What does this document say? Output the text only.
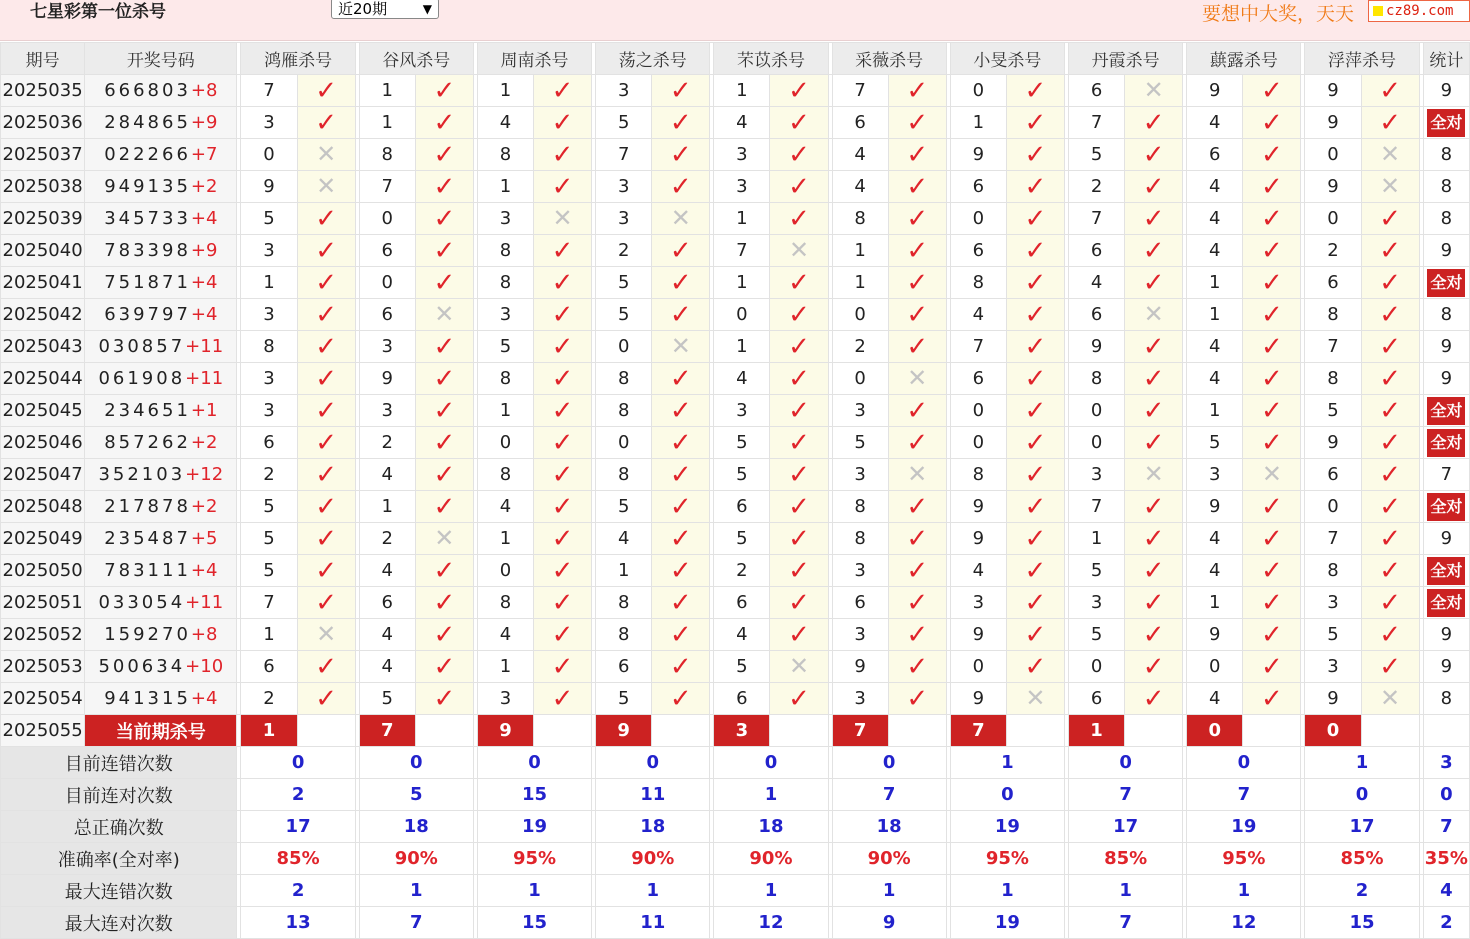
七星彩第一位杀号	近20期	▼	要想中大奖，天天	cz89.com
期号	开奖号码		鸿雁杀号			谷风杀号			周南杀号			荡之杀号			芣苡杀号			采薇杀号			小旻杀号			丹霞杀号			蕻露杀号			浮萍杀号			统计
2025035	666803+8		7	✓		1	✓		1	✓		3	✓		1	✓		7	✓		0	✓		6	✕		9	✓		9	✓		9
2025036	284865+9		3	✓		1	✓		4	✓		5	✓		4	✓		6	✓		1	✓		7	✓		4	✓		9	✓		全对
2025037	022266+7		0	✕		8	✓		8	✓		7	✓		3	✓		4	✓		9	✓		5	✓		6	✓		0	✕		8
2025038	949135+2		9	✕		7	✓		1	✓		3	✓		3	✓		4	✓		6	✓		2	✓		4	✓		9	✕		8
2025039	345733+4		5	✓		0	✓		3	✕		3	✕		1	✓		8	✓		0	✓		7	✓		4	✓		0	✓		8
2025040	783398+9		3	✓		6	✓		8	✓		2	✓		7	✕		1	✓		6	✓		6	✓		4	✓		2	✓		9
2025041	751871+4		1	✓		0	✓		8	✓		5	✓		1	✓		1	✓		8	✓		4	✓		1	✓		6	✓		全对
2025042	639797+4		3	✓		6	✕		3	✓		5	✓		0	✓		0	✓		4	✓		6	✕		1	✓		8	✓		8
2025043	030857+11		8	✓		3	✓		5	✓		0	✕		1	✓		2	✓		7	✓		9	✓		4	✓		7	✓		9
2025044	061908+11		3	✓		9	✓		8	✓		8	✓		4	✓		0	✕		6	✓		8	✓		4	✓		8	✓		9
2025045	234651+1		3	✓		3	✓		1	✓		8	✓		3	✓		3	✓		0	✓		0	✓		1	✓		5	✓		全对
2025046	857262+2		6	✓		2	✓		0	✓		0	✓		5	✓		5	✓		0	✓		0	✓		5	✓		9	✓		全对
2025047	352103+12		2	✓		4	✓		8	✓		8	✓		5	✓		3	✕		8	✓		3	✕		3	✕		6	✓		7
2025048	217878+2		5	✓		1	✓		4	✓		5	✓		6	✓		8	✓		9	✓		7	✓		9	✓		0	✓		全对
2025049	235487+5		5	✓		2	✕		1	✓		4	✓		5	✓		8	✓		9	✓		1	✓		4	✓		7	✓		9
2025050	783111+4		5	✓		4	✓		0	✓		1	✓		2	✓		3	✓		4	✓		5	✓		4	✓		8	✓		全对
2025051	033054+11		7	✓		6	✓		8	✓		8	✓		6	✓		6	✓		3	✓		3	✓		1	✓		3	✓		全对
2025052	159270+8		1	✕		4	✓		4	✓		8	✓		4	✓		3	✓		9	✓		5	✓		9	✓		5	✓		9
2025053	500634+10		6	✓		4	✓		1	✓		6	✓		5	✕		9	✓		0	✓		0	✓		0	✓		3	✓		9
2025054	941315+4		2	✓		5	✓		3	✓		5	✓		6	✓		3	✓		9	✕		6	✓		4	✓		9	✕		8
2025055	当前期杀号		1			7			9			9			3			7			7			1			0			0			
目前连错次数			0			0			0			0			0			0			1			0			0			1			3
目前连对次数			2			5			15			11			1			7			0			7			7			0			0
总正确次数			17			18			19			18			18			18			19			17			19			17			7
准确率(全对率)			85%			90%			95%			90%			90%			90%			95%			85%			95%			85%			35%
最大连错次数			2			1			1			1			1			1			1			1			1			2			4
最大连对次数			13			7			15			11			12			9			19			7			12			15			2
